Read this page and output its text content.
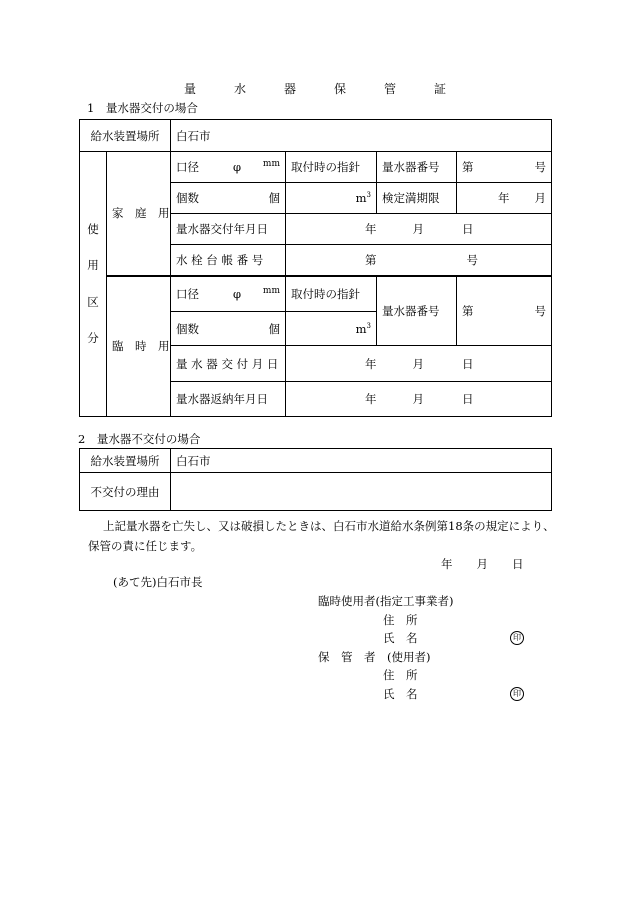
量	水	器	保	管	証
1　量水器交付の場合
給水装置場所		白石市			

使
用
区
分	家　庭　用	口径 φ mm	取付時の指針	量水器番号	第 号

		個数 個	$m^3$	検定満期限	年 月

		量水器交付年月日	年 月 日		
		水 栓 台 帳 番 号	第 号		
	臨　時　用	口径 φ mm	取付時の指針	量水器番号	第 号

		個数 個	$m^3$
		量 水 器 交 付 月 日	年 月 日		
		量水器返納年月日	年 月 日		
2　量水器不交付の場合
給水装置場所	白石市
不交付の理由	
上記量水器を亡失し、又は破損したときは、白石市水道給水条例第18条の規定により、
保管の責に任じます。
年 月 日
(あて先)白石市長
臨時使用者(指定工事業者)
住　所
氏　名	印
保　管　者　(使用者)
住　所
氏　名	印
